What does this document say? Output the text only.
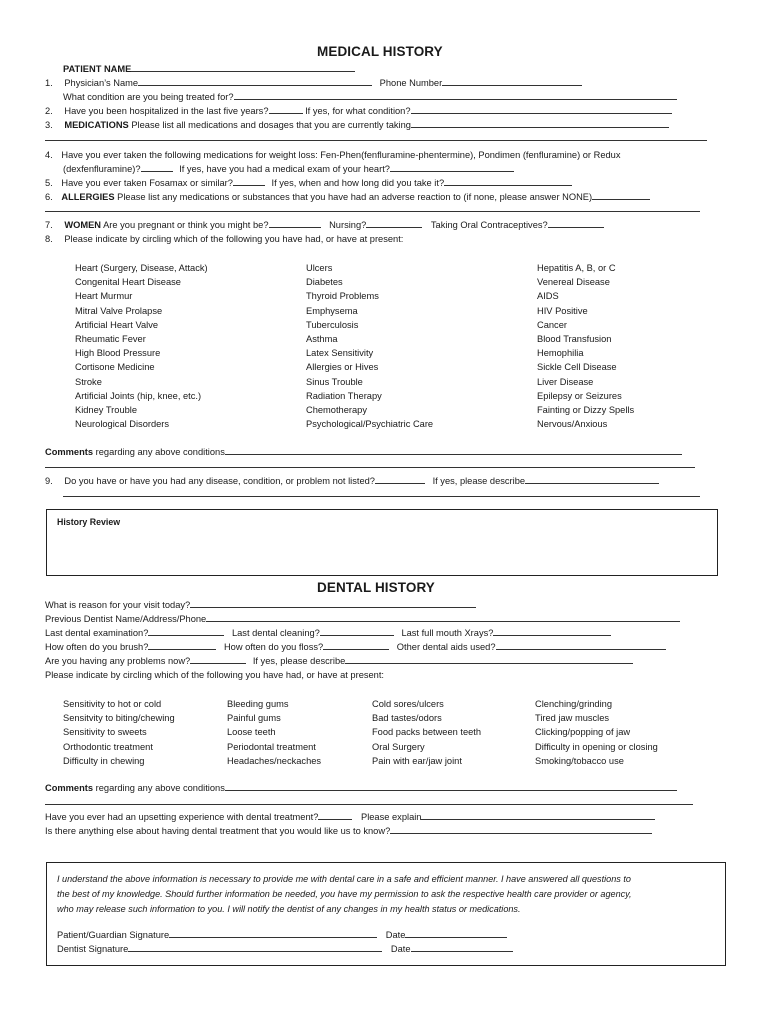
MEDICAL HISTORY
PATIENT NAME
1. Physician’s Name	Phone Number
What condition are you being treated for?
2. Have you been hospitalized in the last five years?	If yes, for what condition?
3. MEDICATIONS Please list all medications and dosages that you are currently taking
4. Have you ever taken the following medications for weight loss: Fen-Phen(fenfluramine-phentermine), Pondimen (fenfluramine) or Redux
(dexfenfluramine)?	If yes, have you had a medical exam of your heart?
5. Have you ever taken Fosamax or similar?	If yes, when and how long did you take it?
6. ALLERGIES Please list any medications or substances that you have had an adverse reaction to (if none, please answer NONE)
7. WOMEN Are you pregnant or think you might be?	Nursing?	Taking Oral Contraceptives?
8. Please indicate by circling which of the following you have had, or have at present:
Heart (Surgery, Disease, Attack)
Congenital Heart Disease
Heart Murmur
Mitral Valve Prolapse
Artificial Heart Valve
Rheumatic Fever
High Blood Pressure
Cortisone Medicine
Stroke
Artificial Joints (hip, knee, etc.)
Kidney Trouble
Neurological Disorders
Ulcers
Diabetes
Thyroid Problems
Emphysema
Tuberculosis
Asthma
Latex Sensitivity
Allergies or Hives
Sinus Trouble
Radiation Therapy
Chemotherapy
Psychological/Psychiatric Care
Hepatitis A, B, or C
Venereal Disease
AIDS
HIV Positive
Cancer
Blood Transfusion
Hemophilia
Sickle Cell Disease
Liver Disease
Epilepsy or Seizures
Fainting or Dizzy Spells
Nervous/Anxious
Comments regarding any above conditions
9. Do you have or have you had any disease, condition, or problem not listed?	If yes, please describe
History Review
DENTAL HISTORY
What is reason for your visit today?
Previous Dentist Name/Address/Phone
Last dental examination?	Last dental cleaning?	Last full mouth Xrays?
How often do you brush?	How often do you floss?	Other dental aids used?
Are you having any problems now?	If yes, please describe
Please indicate by circling which of the following you have had, or have at present:
Sensitivity to hot or cold
Sensitvity to biting/chewing
Sensitivity to sweets
Orthodontic treatment
Difficulty in chewing
Bleeding gums
Painful gums
Loose teeth
Periodontal treatment
Headaches/neckaches
Cold sores/ulcers
Bad tastes/odors
Food packs between teeth
Oral Surgery
Pain with ear/jaw joint
Clenching/grinding
Tired jaw muscles
Clicking/popping of jaw
Difficulty in opening or closing
Smoking/tobacco use
Comments regarding any above conditions
Have you ever had an upsetting experience with dental treatment?	Please explain
Is there anything else about having dental treatment that you would like us to know?
I understand the above information is necessary to provide me with dental care in a safe and efficient manner. I have answered all questions to
the best of my knowledge. Should further information be needed, you have my permission to ask the respective health care provider or agency,
who may release such information to you. I will notify the dentist of any changes in my health status or medications.
Patient/Guardian Signature	Date
Dentist Signature	Date
